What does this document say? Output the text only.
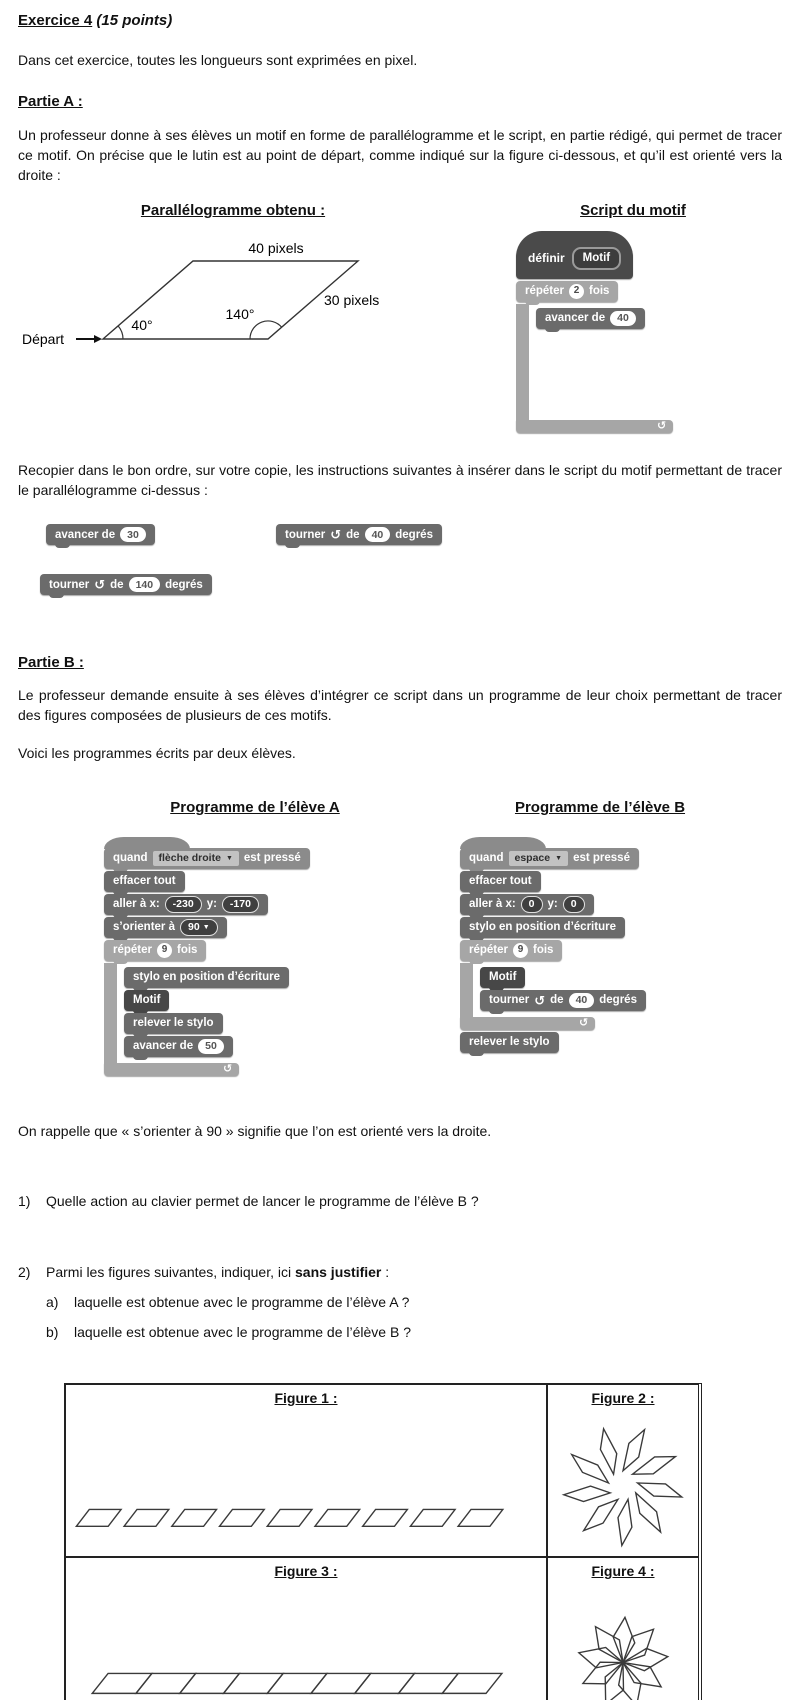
Exercice 4 (15 points)

Dans cet exercice, toutes les longueurs sont exprimées en pixel.

Partie A :

Un professeur donne à ses élèves un motif en forme de parallélogramme et le script, en partie rédigé, qui permet de tracer ce motif. On précise que le lutin est au point de départ, comme indiqué sur la figure ci-dessous, et qu’il est orienté vers la droite :

Parallélogramme obtenu :

40 pixels
30 pixels
140°
40°
Départ

Script du motif

définir	Motif
répéter 2 fois
avancer de	40
↻

Recopier dans le bon ordre, sur votre copie, les instructions suivantes à insérer dans le script du motif permettant de tracer le parallélogramme ci-dessus :

avancer de	30	tourner ↺ de	40	degrés
tourner ↺ de	140	degrés

Partie B :

Le professeur demande ensuite à ses élèves d’intégrer ce script dans un programme de leur choix permettant de tracer des figures composées de plusieurs de ces motifs.

Voici les programmes écrits par deux élèves.

Programme de l’élève A

quand flèche droite ▼ est pressé
effacer tout
aller à x:	-230	y:	-170
s’orienter à 90 ▼
répéter 9 fois
stylo en position d’écriture
Motif
relever le stylo
avancer de	50
↻

Programme de l’élève B

quand espace ▼ est pressé
effacer tout
aller à x:	0	y:	0
stylo en position d’écriture
répéter 9 fois
Motif
tourner ↺ de	40	degrés
↻
relever le stylo

On rappelle que « s’orienter à 90 » signifie que l’on est orienté vers la droite.

1)	Quelle action au clavier permet de lancer le programme de l’élève B ?
2)	Parmi les figures suivantes, indiquer, ici sans justifier :
a)	laquelle est obtenue avec le programme de l’élève A ?
b)	laquelle est obtenue avec le programme de l’élève B ?
Figure 1 :	Figure 2 :
Figure 3 :	Figure 4 :
